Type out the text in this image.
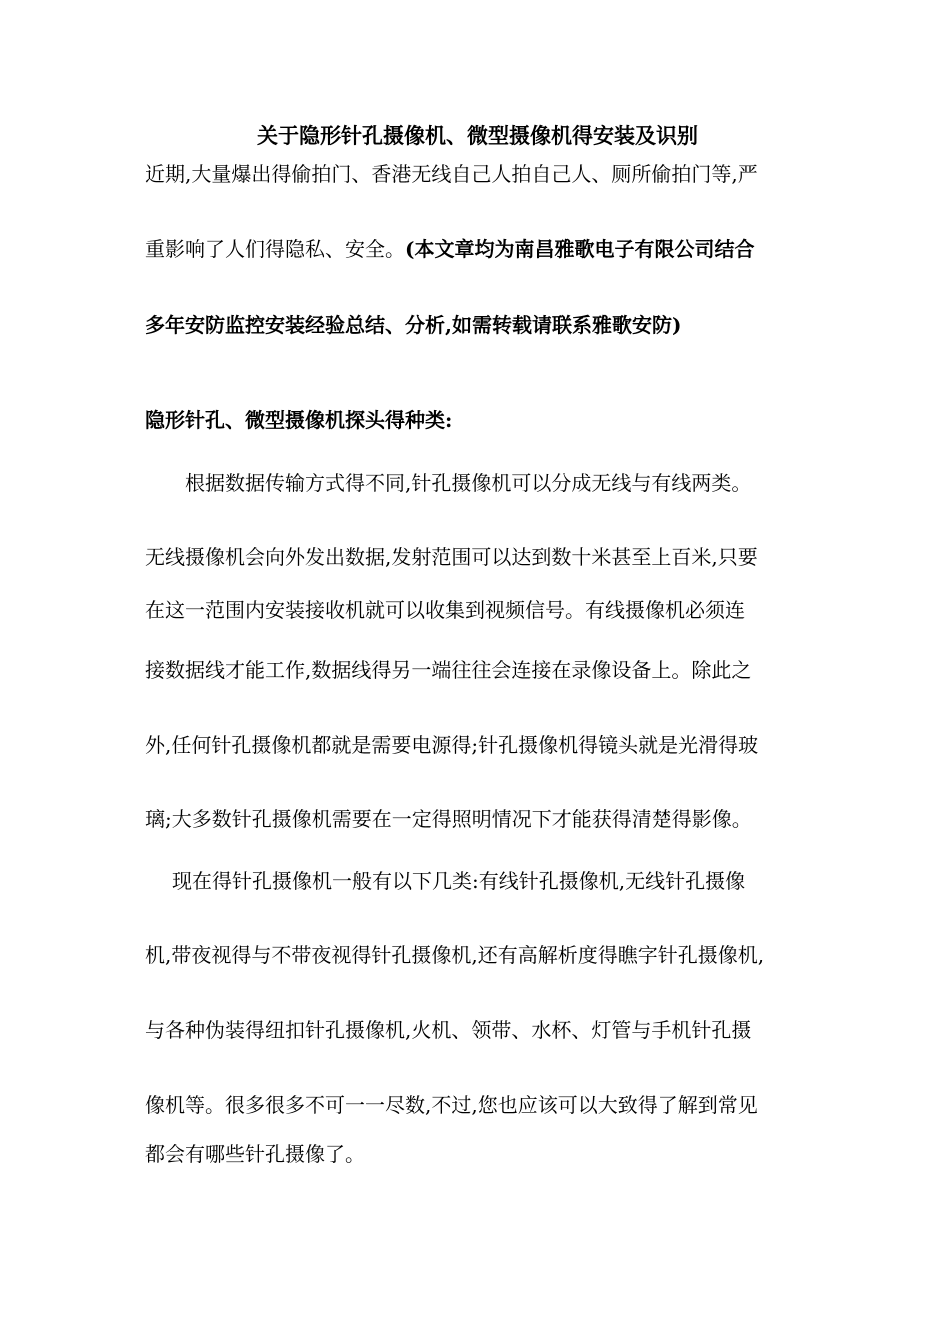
关于隐形针孔摄像机、微型摄像机得安装及识别
近期,大量爆出得偷拍门、香港无线自己人拍自己人、厕所偷拍门等,严
重影响了人们得隐私、安全。(本文章均为南昌雅歌电子有限公司结合
多年安防监控安装经验总结、分析,如需转载请联系雅歌安防)
隐形针孔、微型摄像机探头得种类:
根据数据传输方式得不同,针孔摄像机可以分成无线与有线两类。
无线摄像机会向外发出数据,发射范围可以达到数十米甚至上百米,只要
在这一范围内安装接收机就可以收集到视频信号。有线摄像机必须连
接数据线才能工作,数据线得另一端往往会连接在录像设备上。除此之
外,任何针孔摄像机都就是需要电源得;针孔摄像机得镜头就是光滑得玻
璃;大多数针孔摄像机需要在一定得照明情况下才能获得清楚得影像。
现在得针孔摄像机一般有以下几类:有线针孔摄像机,无线针孔摄像
机,带夜视得与不带夜视得针孔摄像机,还有高解析度得瞧字针孔摄像机,
与各种伪装得纽扣针孔摄像机,火机、领带、水杯、灯管与手机针孔摄
像机等。很多很多不可一一尽数,不过,您也应该可以大致得了解到常见
都会有哪些针孔摄像了。
